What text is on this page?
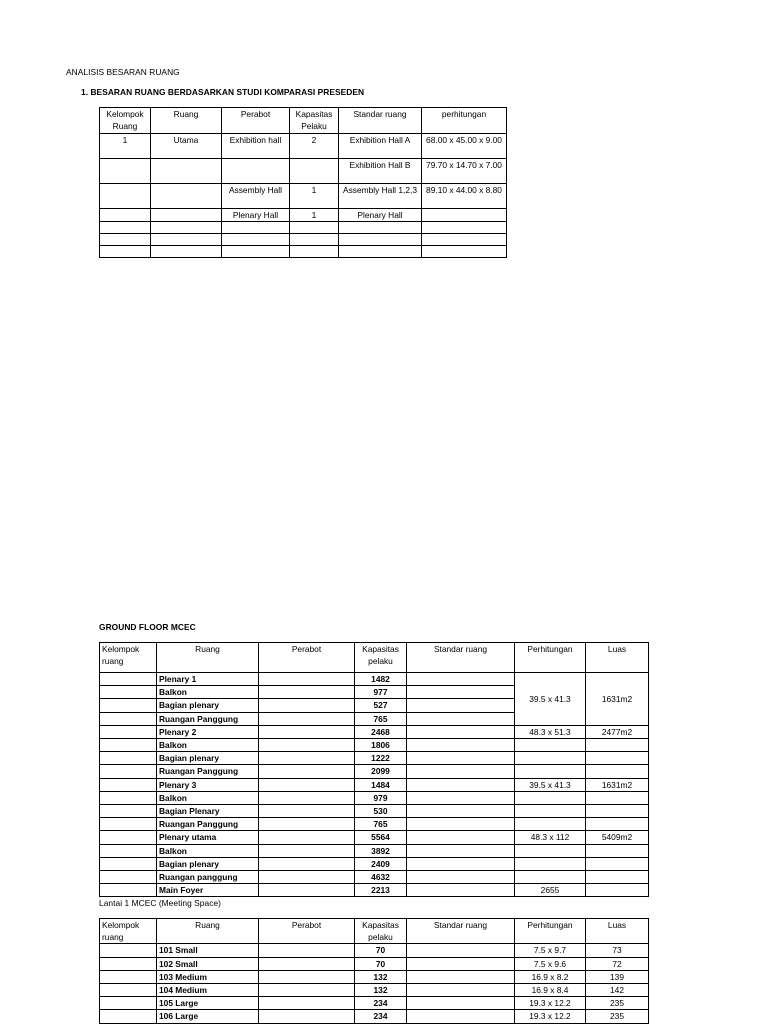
ANALISIS BESARAN RUANG
1. BESARAN RUANG BERDASARKAN STUDI KOMPARASI PRESEDEN
Kelompok Ruang	Ruang	Perabot	Kapasitas Pelaku	Standar ruang	perhitungan
1	Utama	Exhibition hall	2	Exhibition Hall A	68.00 x 45.00 x 9.00
				Exhibition Hall B	79.70 x 14.70 x 7.00
		Assembly Hall	1	Assembly Hall 1,2,3	89.10 x 44.00 x 8.80
		Plenary Hall	1	Plenary Hall	

GROUND FLOOR MCEC
Kelompok ruang	Ruang	Perabot	Kapasitas pelaku	Standar ruang	Perhitungan	Luas
	Plenary 1		1482		39.5 x 41.3	1631m2
	Balkon		977			
	Bagian plenary		527			
	Ruangan Panggung		765			
	Plenary 2		2468		48.3 x 51.3	2477m2
	Balkon		1806			
	Bagian plenary		1222			
	Ruangan Panggung		2099			
	Plenary 3		1484		39.5 x 41.3	1631m2
	Balkon		979			
	Bagian Plenary		530			
	Ruangan Panggung		765			
	Plenary utama		5564		48.3 x 112	5409m2
	Balkon		3892			
	Bagian plenary		2409			
	Ruangan panggung		4632			
	Main Foyer		2213		2655	
Lantai 1 MCEC (Meeting Space)
Kelompok ruang	Ruang	Perabot	Kapasitas pelaku	Standar ruang	Perhitungan	Luas
	101 Small		70		7.5 x 9.7	73
	102 Small		70		7.5 x 9.6	72
	103 Medium		132		16.9 x 8.2	139
	104 Medium		132		16.9 x 8.4	142
	105 Large		234		19.3 x 12.2	235
	106 Large		234		19.3 x 12.2	235
